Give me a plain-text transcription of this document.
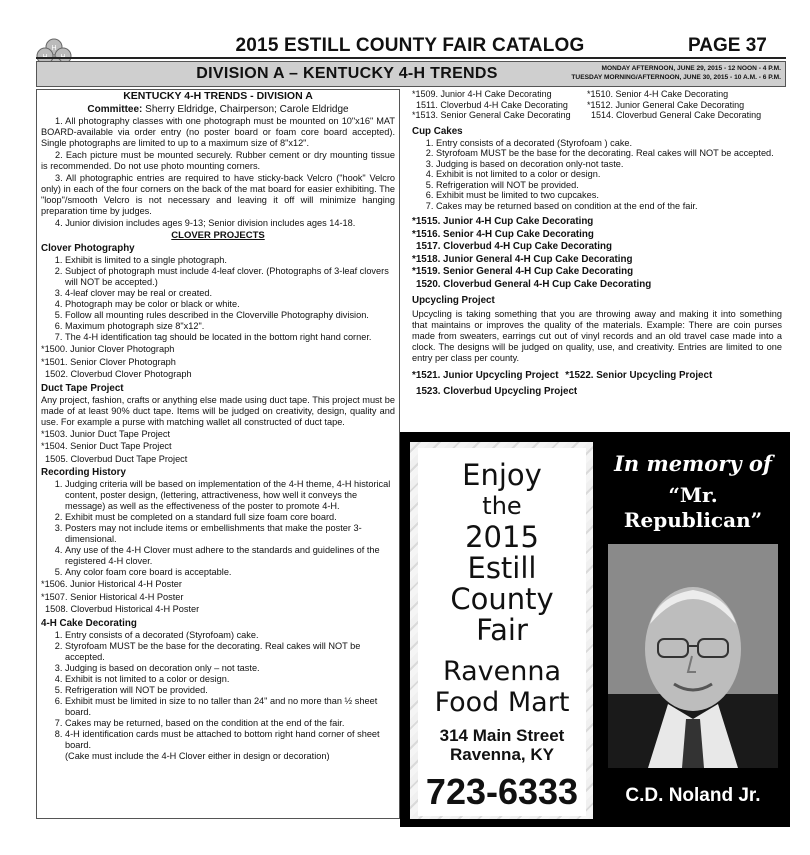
H	2015 ESTILL COUNTY FAIR CATALOG	PAGE 37
DIVISION A – KENTUCKY 4-H TRENDS	MONDAY AFTERNOON, JUNE 29, 2015 - 12 NOON - 4 P.M.
TUESDAY MORNING/AFTERNOON, JUNE 30, 2015 - 10 A.M. - 6 P.M.
KENTUCKY 4-H TRENDS - DIVISION A
Committee: Sherry Eldridge, Chairperson; Carole Eldridge
1. All photography classes with one photograph must be mounted on 10"x16" MAT BOARD-available via order entry (no poster board or foam core board accepted). Single photographs are limited to up to a maximum size of 8"x12".
2. Each picture must be mounted securely. Rubber cement or dry mounting tissue is recommended. Do not use photo mounting corners.
3. All photographic entries are required to have sticky-back Velcro ("hook" Velcro only) in each of the four corners on the back of the mat board for easier exhibiting. The "loop"/smooth Velcro is not necessary and leaving it off will minimize hanging preparation time by judges.
4. Junior division includes ages 9-13; Senior division includes ages 14-18.
CLOVER PROJECTS
Clover Photography
1. Exhibit is limited to a single photograph.
2. Subject of photograph must include 4-leaf clover. (Photographs of 3-leaf clovers will NOT be accepted.)
3. 4-leaf clover may be real or created.
4. Photograph may be color or black or white.
5. Follow all mounting rules described in the Cloverville Photography division.
6. Maximum photograph size 8"x12".
7. The 4-H identification tag should be located in the bottom right hand corner.
*1500. Junior Clover Photograph
*1501. Senior Clover Photograph
1502. Cloverbud Clover Photograph
Duct Tape Project
Any project, fashion, crafts or anything else made using duct tape. This project must be made of at least 90% duct tape. Items will be judged on creativity, design, quality and use. For example a purse with matching wallet all constructed of duct tape.
*1503. Junior Duct Tape Project
*1504. Senior Duct Tape Project
1505. Cloverbud Duct Tape Project
Recording History
1. Judging criteria will be based on implementation of the 4-H theme, 4-H historical content, poster design, (lettering, attractiveness, how well it conveys the message) as well as the effectiveness of the poster to promote 4-H.
2. Exhibit must be completed on a standard full size foam core board.
3. Posters may not include items or embellishments that make the poster 3-dimensional.
4. Any use of the 4-H Clover must adhere to the standards and guidelines of the registered 4-H clover.
5. Any color foam core board is acceptable.
*1506. Junior Historical 4-H Poster
*1507. Senior Historical 4-H Poster
1508. Cloverbud Historical 4-H Poster
4-H Cake Decorating
1. Entry consists of a decorated (Styrofoam) cake.
2. Styrofoam MUST be the base for the decorating. Real cakes will NOT be accepted.
3. Judging is based on decoration only – not taste.
4. Exhibit is not limited to a color or design.
5. Refrigeration will NOT be provided.
6. Exhibit must be limited in size to no taller than 24" and no more than ½ sheet board.
7. Cakes may be returned, based on the condition at the end of the fair.
8. 4-H identification cards must be attached to bottom right hand corner of sheet board.
(Cake must include the 4-H Clover either in design or decoration)
*1509. Junior 4-H Cake Decorating	*1510. Senior 4-H Cake Decorating
1511. Cloverbud 4-H Cake Decorating	*1512. Junior General Cake Decorating
*1513. Senior General Cake Decorating	1514. Cloverbud General Cake Decorating
Cup Cakes
1. Entry consists of a decorated (Styrofoam ) cake.
2. Styrofoam MUST be the base for the decorating. Real cakes will NOT be accepted.
3. Judging is based on decoration only-not taste.
4. Exhibit is not limited to a color or design.
5. Refrigeration will NOT be provided.
6. Exhibit must be limited to two cupcakes.
7. Cakes may be returned based on condition at the end of the fair.
*1515. Junior 4-H Cup Cake Decorating
*1516. Senior 4-H Cup Cake Decorating
1517. Cloverbud 4-H Cup Cake Decorating
*1518. Junior General 4-H Cup Cake Decorating
*1519. Senior General 4-H Cup Cake Decorating
1520. Cloverbud General 4-H Cup Cake Decorating
Upcycling Project
Upcycling is taking something that you are throwing away and making it into something that maintains or improves the quality of the materials. Example: There are coin purses made from sweaters, earrings cut out of vinyl records and an old travel case made into a clock. The designs will be judged on quality, use, and creativity. Entries are limited to one entry per class per county.
*1521. Junior Upcycling Project *1522. Senior Upcycling Project
1523. Cloverbud Upcycling Project
Enjoy
the
2015
Estill
County
Fair
Ravenna
Food Mart
314 Main Street
Ravenna, KY
723-6333
In memory of
“Mr. Republican”
C.D. Noland Jr.
